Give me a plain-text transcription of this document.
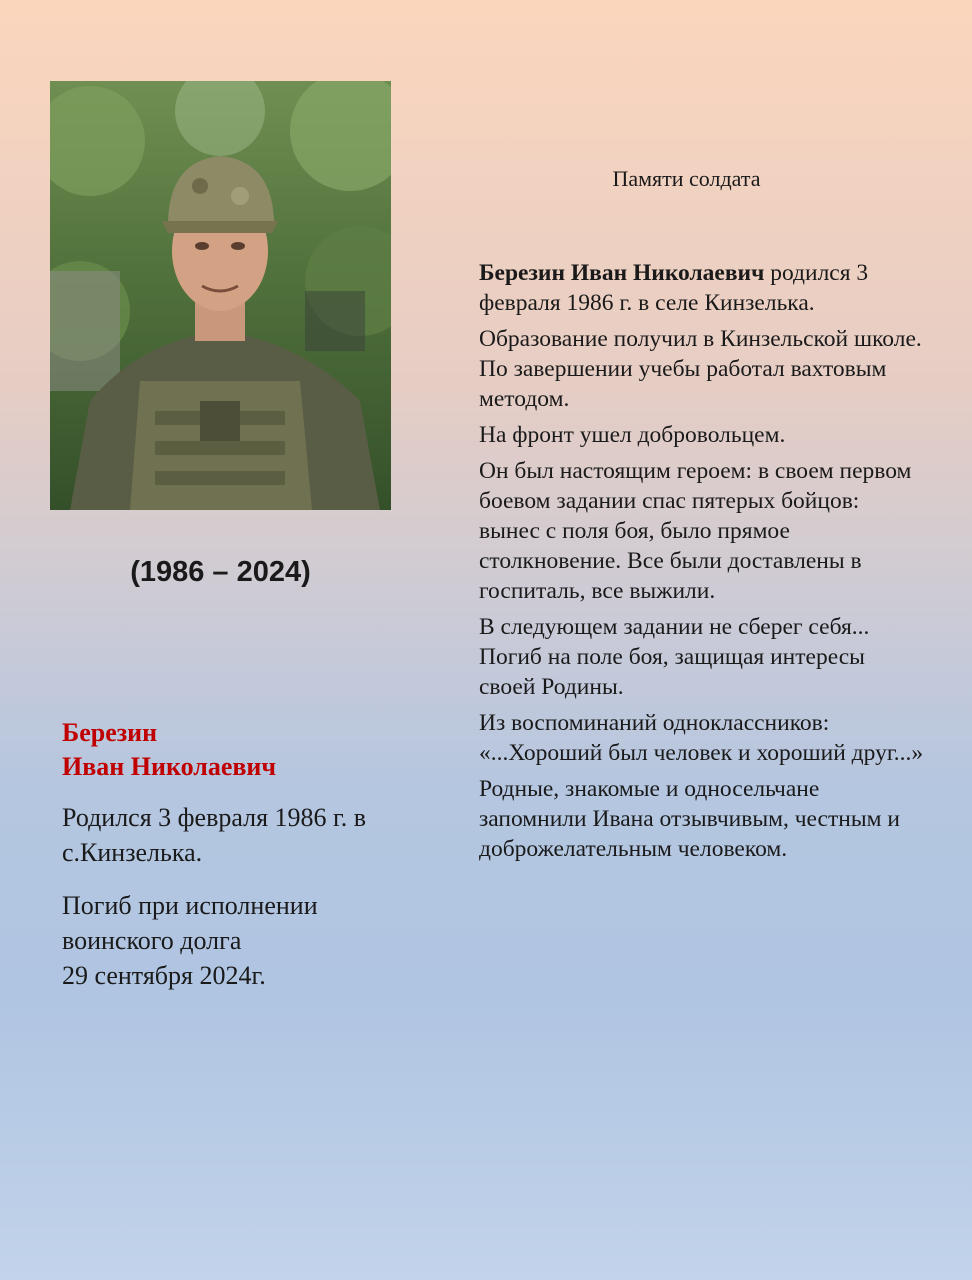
(1986 – 2024)

Березин

Иван Николаевич

Родился 3 февраля 1986 г. в с.Кинзелька.

Погиб при исполнении воинского долга
29 сентября 2024г.

Памяти солдата

Березин Иван Николаевич родился 3 февраля 1986 г. в селе Кинзелька.

Образование получил в Кинзельской школе. По завершении учебы работал вахтовым методом.

На фронт ушел добровольцем.

Он был настоящим героем: в своем первом боевом задании спас пятерых бойцов: вынес с поля боя, было прямое столкновение. Все были доставлены в госпиталь, все выжили.

В следующем задании не сберег себя... Погиб на поле боя, защищая интересы своей Родины.

Из воспоминаний одноклассников:
«...Хороший был человек и хороший друг...»

Родные, знакомые и односельчане запомнили Ивана отзывчивым, честным и доброжелательным человеком.
